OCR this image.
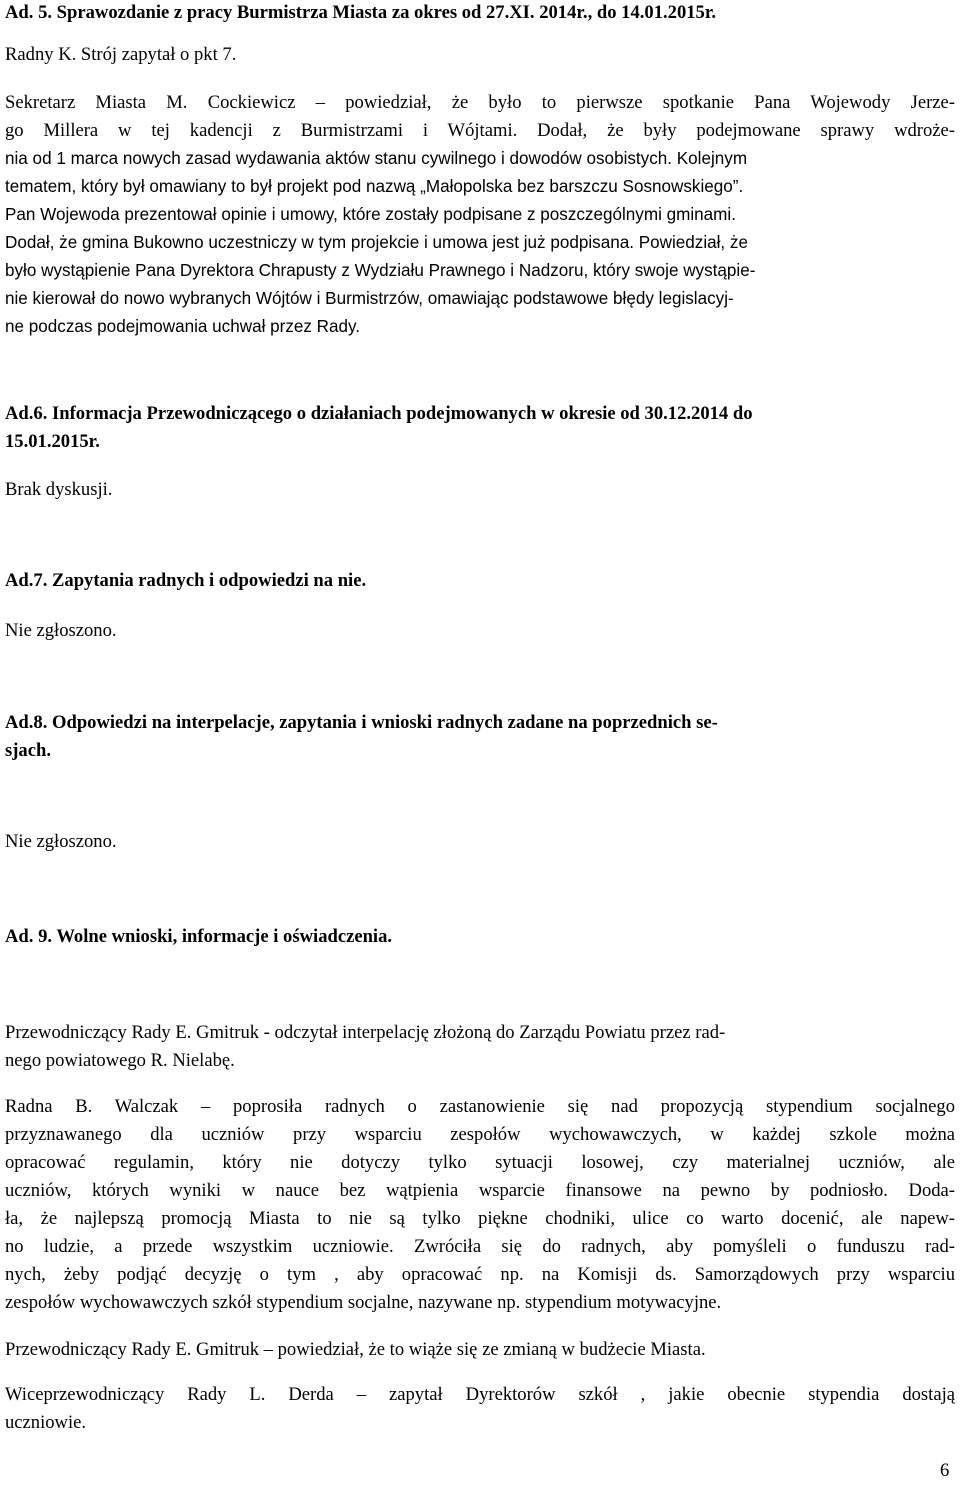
Ad. 5. Sprawozdanie z pracy Burmistrza Miasta za okres od 27.XI. 2014r., do 14.01.2015r.
Radny K. Strój zapytał o pkt 7.
Sekretarz Miasta M. Cockiewicz – powiedział, że było to pierwsze spotkanie Pana Wojewody Jerze-
go Millera w tej kadencji z Burmistrzami i Wójtami. Dodał, że były podejmowane sprawy wdroże-
nia od 1 marca nowych zasad wydawania aktów stanu cywilnego i dowodów osobistych. Kolejnym
tematem, który był omawiany to był projekt pod nazwą „Małopolska bez barszczu Sosnowskiego”.
Pan Wojewoda prezentował opinie i umowy, które zostały podpisane z poszczególnymi gminami.
Dodał, że gmina Bukowno uczestniczy w tym projekcie i umowa jest już podpisana. Powiedział, że
było wystąpienie Pana Dyrektora Chrapusty z Wydziału Prawnego i Nadzoru, który swoje wystąpie-
nie kierował do nowo wybranych Wójtów i Burmistrzów, omawiając podstawowe błędy legislacyj-
ne podczas podejmowania uchwał przez Rady.
Ad.6. Informacja Przewodniczącego o działaniach podejmowanych w okresie od 30.12.2014 do
15.01.2015r.
Brak dyskusji.
Ad.7. Zapytania radnych i odpowiedzi na nie.
Nie zgłoszono.
Ad.8. Odpowiedzi na interpelacje, zapytania i wnioski radnych zadane na poprzednich se-
sjach.
Nie zgłoszono.
Ad. 9. Wolne wnioski, informacje i oświadczenia.
Przewodniczący Rady E. Gmitruk - odczytał interpelację złożoną do Zarządu Powiatu przez rad-
nego powiatowego R. Nielabę.
Radna B. Walczak – poprosiła radnych o zastanowienie się nad propozycją stypendium socjalnego
przyznawanego dla uczniów przy wsparciu zespołów wychowawczych, w każdej szkole można
opracować regulamin, który nie dotyczy tylko sytuacji losowej, czy materialnej uczniów, ale
uczniów, których wyniki w nauce bez wątpienia wsparcie finansowe na pewno by podniosło. Doda-
ła, że najlepszą promocją Miasta to nie są tylko piękne chodniki, ulice co warto docenić, ale napew-
no ludzie, a przede wszystkim uczniowie. Zwróciła się do radnych, aby pomyśleli o funduszu rad-
nych, żeby podjąć decyzję o tym , aby opracować np. na Komisji ds. Samorządowych przy wsparciu
zespołów wychowawczych szkół stypendium socjalne, nazywane np. stypendium motywacyjne.
Przewodniczący Rady E. Gmitruk – powiedział, że to wiąże się ze zmianą w budżecie Miasta.
Wiceprzewodniczący Rady L. Derda – zapytał Dyrektorów szkół , jakie obecnie stypendia dostają
uczniowie.
6
